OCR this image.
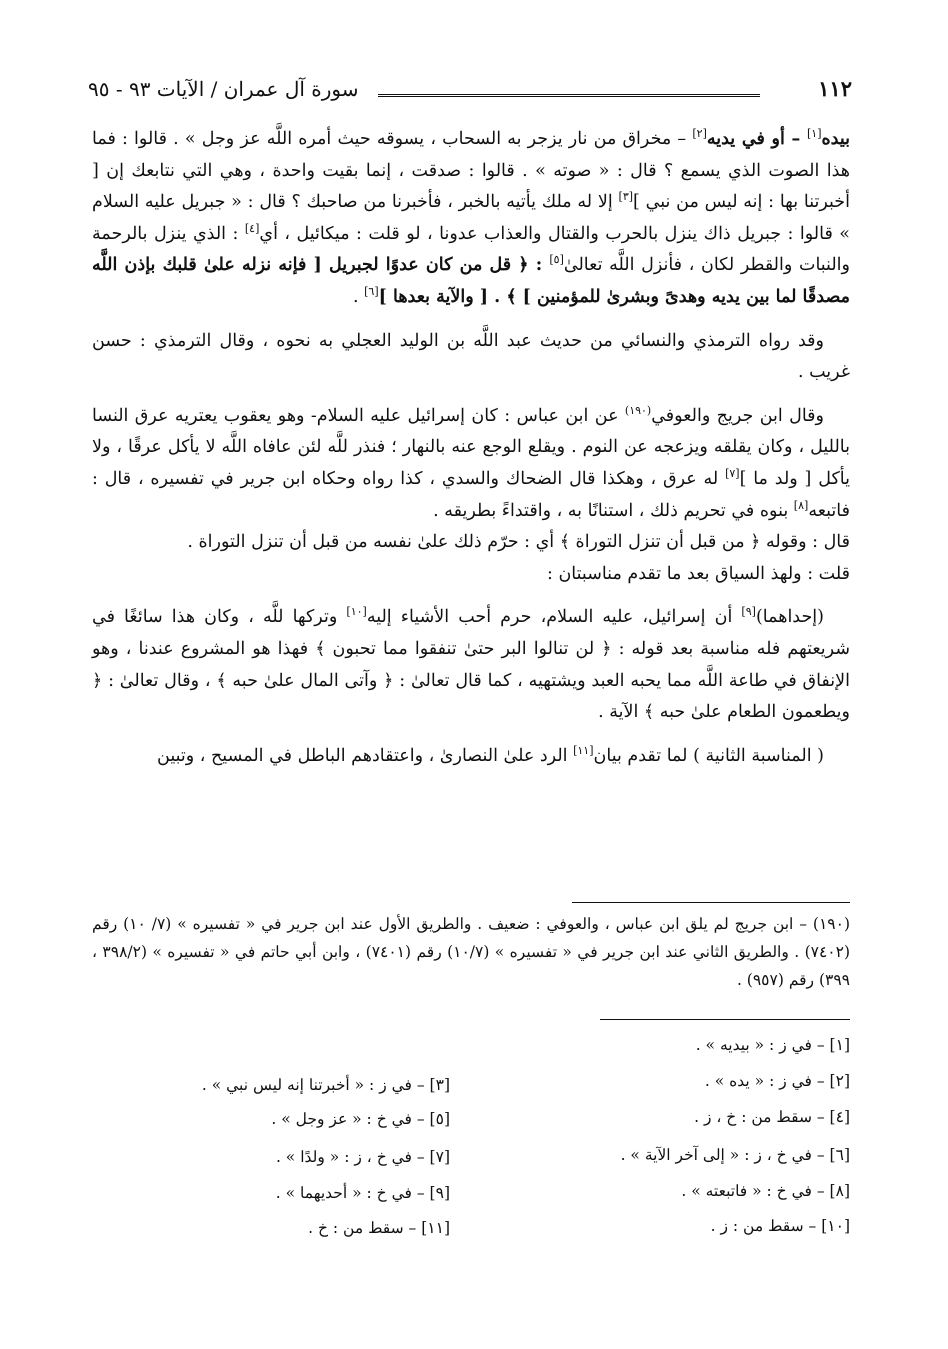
١١٢
سورة آل عمران / الآيات ٩٣ - ٩٥

بيده[١] – أو في يديه[٢] – مخراق من نار يزجر به السحاب ، يسوقه حيث أمره اللَّه عز وجل » . قالوا : فما هذا الصوت الذي يسمع ؟ قال : « صوته » . قالوا : صدقت ، إنما بقيت واحدة ، وهي التي نتابعك إن [ أخبرتنا بها : إنه ليس من نبي ][٣] إلا له ملك يأتيه بالخبر ، فأخبرنا من صاحبك ؟ قال : « جبريل عليه السلام » قالوا : جبريل ذاك ينزل بالحرب والقتال والعذاب عدونا ، لو قلت : ميكائيل ، أي[٤] : الذي ينزل بالرحمة والنبات والقطر لكان ، فأنزل اللَّه تعالىٰ[٥] : ﴿ قل من كان عدوًا لجبريل [ فإنه نزله علىٰ قلبك بإذن اللَّه مصدقًا لما بين يديه وهدىً وبشرىٰ للمؤمنين ] ﴾ . [ والآية بعدها ][٦] .

وقد رواه الترمذي والنسائي من حديث عبد اللَّه بن الوليد العجلي به نحوه ، وقال الترمذي : حسن غريب .

وقال ابن جريج والعوفي$^{(١٩٠)}$ عن ابن عباس : كان إسرائيل عليه السلام- وهو يعقوب يعتريه عرق النسا بالليل ، وكان يقلقه ويزعجه عن النوم . ويقلع الوجع عنه بالنهار ؛ فنذر للَّه لئن عافاه اللَّه لا يأكل عرقًا ، ولا يأكل [ ولد ما ][٧] له عرق ، وهكذا قال الضحاك والسدي ، كذا رواه وحكاه ابن جرير في تفسيره ، قال : فاتبعه[٨] بنوه في تحريم ذلك ، استنانًا به ، واقتداءً بطريقه .

قال : وقوله ﴿ من قبل أن تنزل التوراة ﴾ أي : حرّم ذلك علىٰ نفسه من قبل أن تنزل التوراة .

قلت : ولهذ السياق بعد ما تقدم مناسبتان :

(إحداهما)[٩] أن إسرائيل، عليه السلام، حرم أحب الأشياء إليه[١٠] وتركها للَّه ، وكان هذا سائغًا في شريعتهم فله مناسبة بعد قوله : ﴿ لن تنالوا البر حتىٰ تنفقوا مما تحبون ﴾ فهذا هو المشروع عندنا ، وهو الإنفاق في طاعة اللَّه مما يحبه العبد ويشتهيه ، كما قال تعالىٰ : ﴿ وآتى المال علىٰ حبه ﴾ ، وقال تعالىٰ : ﴿ ويطعمون الطعام علىٰ حبه ﴾ الآية .

( المناسبة الثانية ) لما تقدم بيان[١١] الرد علىٰ النصارىٰ ، واعتقادهم الباطل في المسيح ، وتبين

(١٩٠) – ابن جريج لم يلق ابن عباس ، والعوفي : ضعيف . والطريق الأول عند ابن جرير في « تفسيره » (٧/ ١٠) رقم (٧٤٠٢) . والطريق الثاني عند ابن جرير في « تفسيره » (١٠/٧) رقم (٧٤٠١) ، وابن أبي حاتم في « تفسيره » (٣٩٨/٢ ، ٣٩٩) رقم (٩٥٧) .
[١] – في ز : « بيديه » .
[٢] – في ز : « يده » .
[٣] – في ز : « أخبرتنا إنه ليس نبي » .
[٤] – سقط من : خ ، ز .
[٥] – في خ : « عز وجل » .
[٦] – في خ ، ز : « إلى آخر الآية » .
[٧] – في خ ، ز : « ولدًا » .
[٨] – في خ : « فاتبعته » .
[٩] – في خ : « أحديهما » .
[١٠] – سقط من : ز .
[١١] – سقط من : خ .
